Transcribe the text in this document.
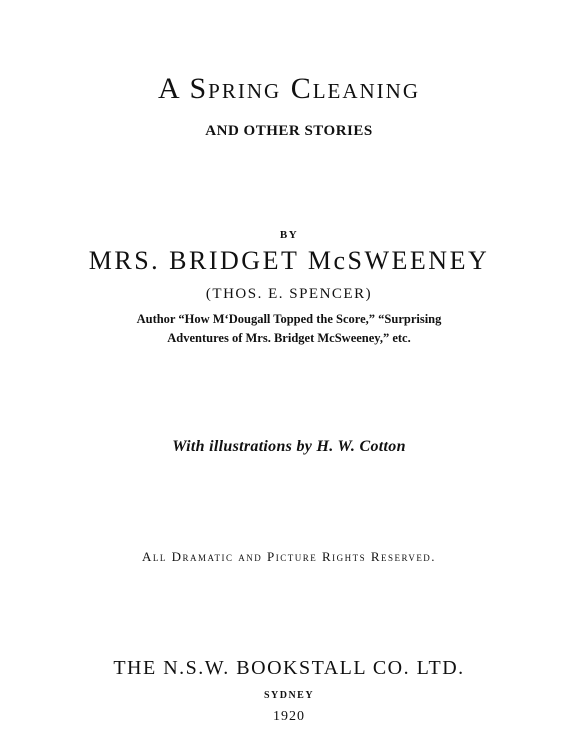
A Spring Cleaning
AND OTHER STORIES
BY
MRS. BRIDGET McSWEENEY
(THOS. E. SPENCER)
Author “How M‘Dougall Topped the Score,” “Surprising
Adventures of Mrs. Bridget McSweeney,” etc.
With illustrations by H. W. Cotton
All Dramatic and Picture Rights Reserved.
THE N.S.W. BOOKSTALL CO. LTD.
SYDNEY
1920
